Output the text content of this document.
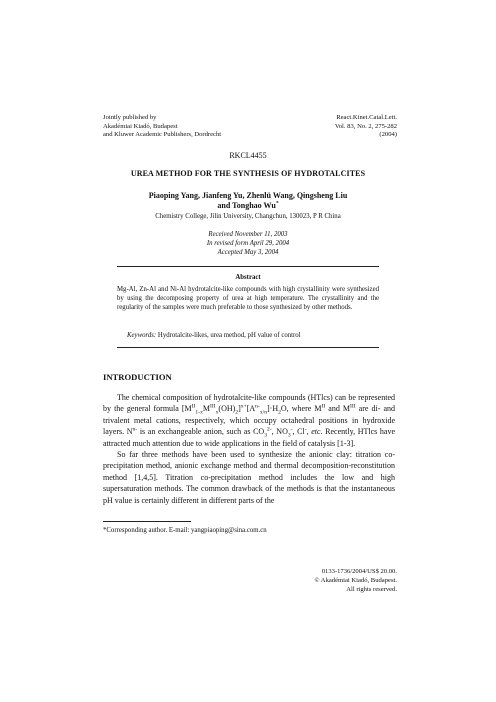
Jointly published by
Akadémiai Kiadó, Budapest
and Kluwer Academic Publishers, Dordrecht
React.Kinet.Catal.Lett.
Vol. 83, No. 2, 275-282
(2004)
RKCL4455
UREA METHOD FOR THE SYNTHESIS OF HYDROTALCITES
Piaoping Yang, Jianfeng Yu, Zhenlü Wang, Qingsheng Liu
and Tonghao Wu*
Chemistry College, Jilin University, Changchun, 130023, P R China
Received November 11, 2003
In revised form April 29, 2004
Accepted May 3, 2004
Abstract
Mg-Al, Zn-Al and Ni-Al hydrotalcite-like compounds with high crystallinity were synthesized by using the decomposing property of urea at high temperature. The crystallinity and the regularity of the samples were much preferable to those synthesized by other methods.
Keywords: Hydrotalcite-likes, urea method, pH value of control
INTRODUCTION

The chemical composition of hydrotalcite-like compounds (HTlcs) can be represented by the general formula $[M^{II}_{1-x}M^{III}_x(OH)_2]^{x+}[A^{n-}_{x/n}]\cdot H_2O$, where $M^{II}$ and $M^{III}$ are di- and trivalent metal cations, respectively, which occupy octahedral positions in hydroxide layers. $N^{n-}$ is an exchangeable anion, such as $CO_3^{2-}$, $NO_3^-$, Cl-, etc. Recently, HTlcs have attracted much attention due to wide applications in the field of catalysis [1-3].

So far three methods have been used to synthesize the anionic clay: titration co-precipitation method, anionic exchange method and thermal decomposition-reconstitution method [1,4,5]. Titration co-precipitation method includes the low and high supersaturation methods. The common drawback of the methods is that the instantaneous pH value is certainly different in different parts of the

*Corresponding author. E-mail: yangpiaoping@sina.com.cn
0133-1736/2004/US$ 20.00.
© Akadémiai Kiadó, Budapest.
All rights reserved.
